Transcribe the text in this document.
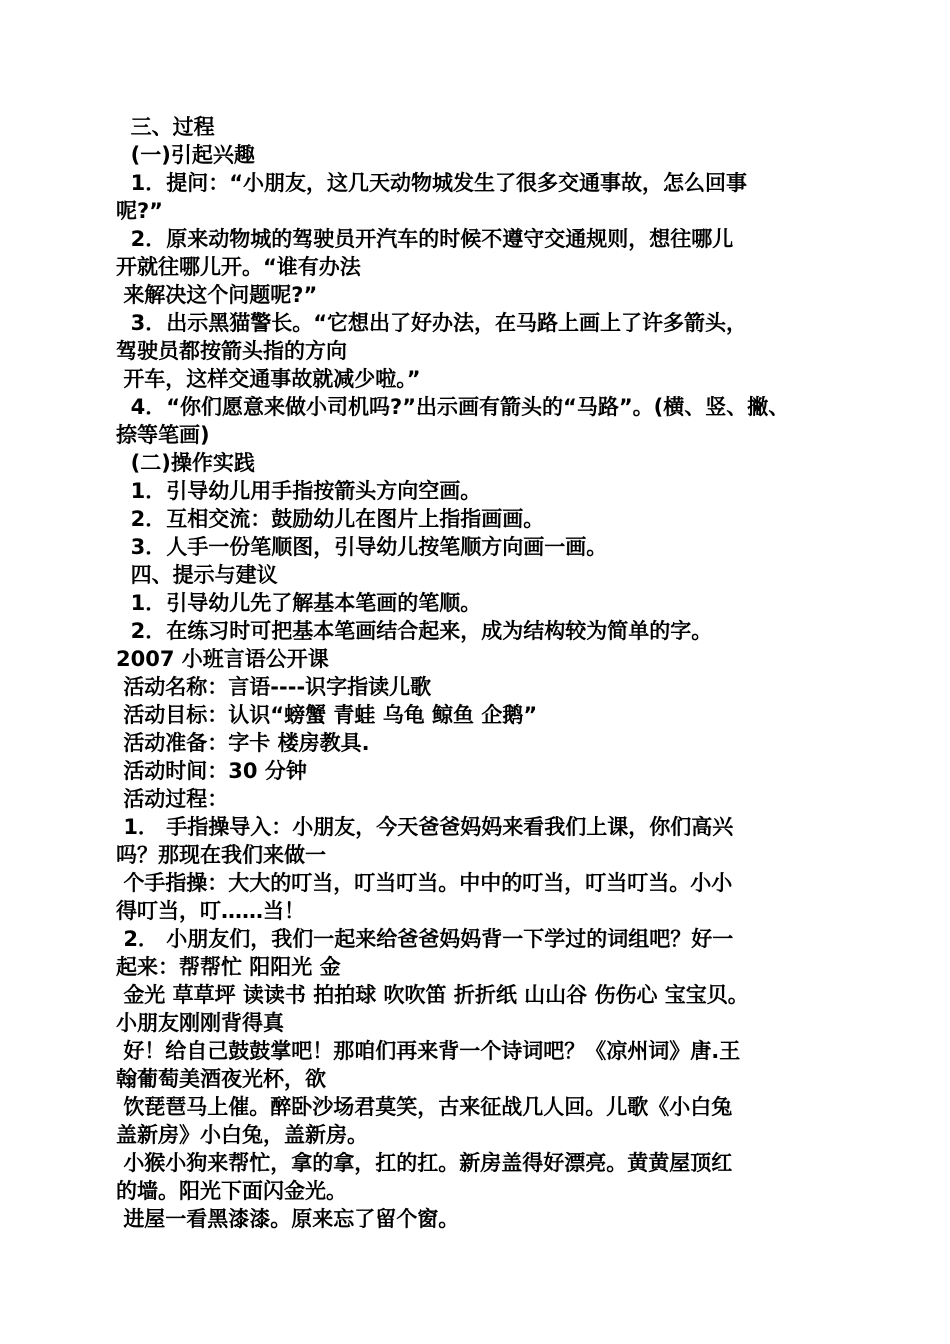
三、过程

(一)引起兴趣

1．提问：“小朋友，这几天动物城发生了很多交通事故，怎么回事

呢?”

2．原来动物城的驾驶员开汽车的时候不遵守交通规则，想往哪儿

开就往哪儿开。“谁有办法

来解决这个问题呢?”

3．出示黑猫警长。“它想出了好办法，在马路上画上了许多箭头，

驾驶员都按箭头指的方向

开车，这样交通事故就减少啦。”

4．“你们愿意来做小司机吗?”出示画有箭头的“马路”。(横、竖、撇、

捺等笔画)

(二)操作实践

1．引导幼儿用手指按箭头方向空画。

2．互相交流：鼓励幼儿在图片上指指画画。

3．人手一份笔顺图，引导幼儿按笔顺方向画一画。

四、提示与建议

1．引导幼儿先了解基本笔画的笔顺。

2．在练习时可把基本笔画结合起来，成为结构较为简单的字。

2007 小班言语公开课

活动名称：言语----识字指读儿歌

活动目标：认识“螃蟹 青蛙 乌龟 鲸鱼 企鹅”

活动准备：字卡 楼房教具.

活动时间：30 分钟

活动过程：

1． 手指操导入：小朋友，今天爸爸妈妈来看我们上课，你们高兴

吗？那现在我们来做一

个手指操：大大的叮当，叮当叮当。中中的叮当，叮当叮当。小小

得叮当，叮……当！

2． 小朋友们，我们一起来给爸爸妈妈背一下学过的词组吧？好一

起来：帮帮忙 阳阳光 金

金光 草草坪 读读书 拍拍球 吹吹笛 折折纸 山山谷 伤伤心 宝宝贝。

小朋友刚刚背得真

好！给自己鼓鼓掌吧！那咱们再来背一个诗词吧？《凉州词》唐.王

翰葡萄美酒夜光杯，欲

饮琵琶马上催。醉卧沙场君莫笑，古来征战几人回。儿歌《小白兔

盖新房》小白兔，盖新房。

小猴小狗来帮忙，拿的拿，扛的扛。新房盖得好漂亮。黄黄屋顶红

的墙。阳光下面闪金光。

进屋一看黑漆漆。原来忘了留个窗。
